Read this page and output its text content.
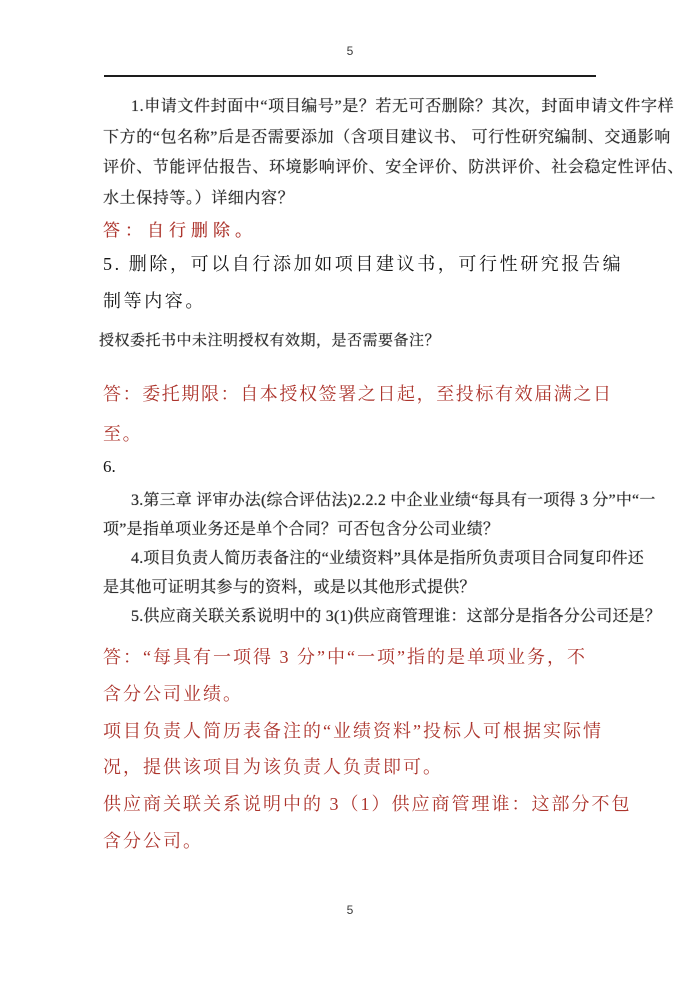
5
1.申请文件封面中“项目编号”是？若无可否删除？其次，封面申请文件字样
下方的“包名称”后是否需要添加（含项目建议书、 可行性研究编制、交通影响
评价、节能评估报告、环境影响评价、安全评价、防洪评价、社会稳定性评估、
水土保持等。）详细内容？
答：自行删除。
5. 删除，可以自行添加如项目建议书，可行性研究报告编
制等内容。
授权委托书中未注明授权有效期，是否需要备注？
答：委托期限：自本授权签署之日起，至投标有效届满之日
至。
6.
3.第三章 评审办法(综合评估法)2.2.2 中企业业绩“每具有一项得 3 分”中“一
项”是指单项业务还是单个合同？可否包含分公司业绩？
4.项目负责人简历表备注的“业绩资料”具体是指所负责项目合同复印件还
是其他可证明其参与的资料，或是以其他形式提供？
5.供应商关联关系说明中的 3(1)供应商管理谁：这部分是指各分公司还是？
答：“每具有一项得 3 分”中“一项”指的是单项业务，不
含分公司业绩。
项目负责人简历表备注的“业绩资料”投标人可根据实际情
况，提供该项目为该负责人负责即可。
供应商关联关系说明中的 3（1）供应商管理谁：这部分不包
含分公司。
5
